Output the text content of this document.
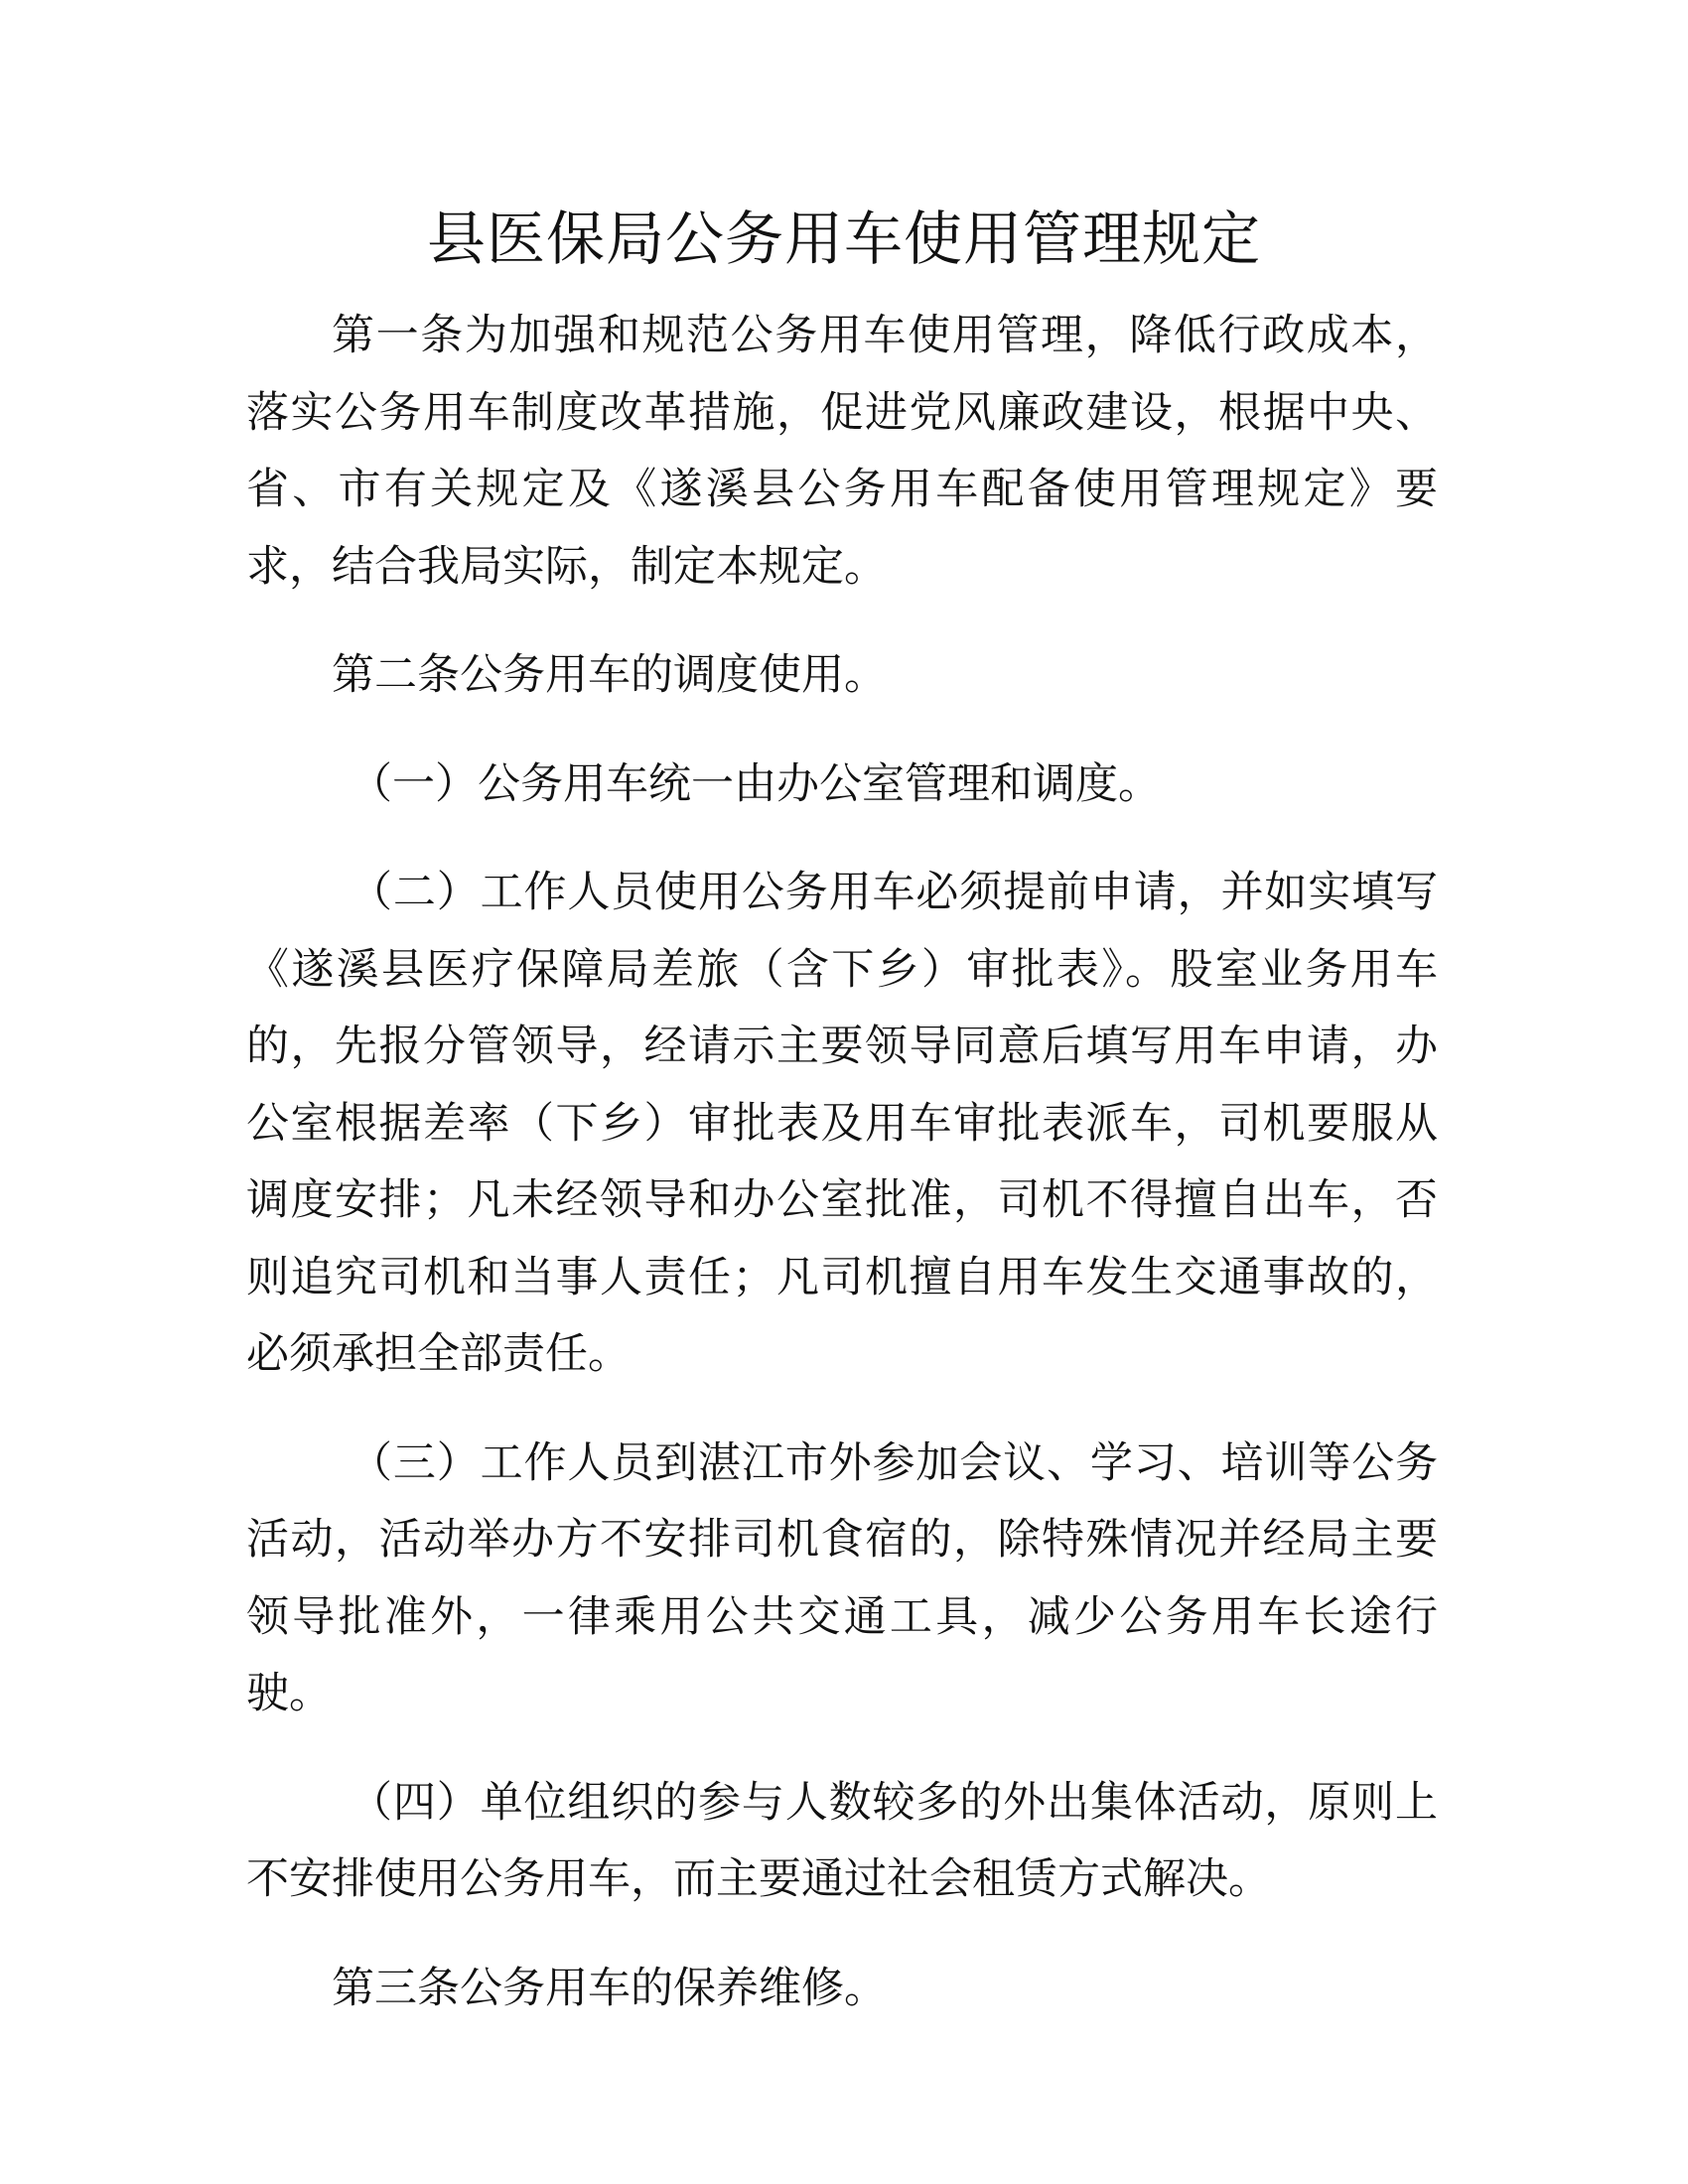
县医保局公务用车使用管理规定

第一条为加强和规范公务用车使用管理，降低行政成本，落实公务用车制度改革措施，促进党风廉政建设，根据中央、省、市有关规定及《遂溪县公务用车配备使用管理规定》要求，结合我局实际，制定本规定。

第二条公务用车的调度使用。

（一）公务用车统一由办公室管理和调度。

（二）工作人员使用公务用车必须提前申请，并如实填写《遂溪县医疗保障局差旅（含下乡）审批表》。股室业务用车的，先报分管领导，经请示主要领导同意后填写用车申请，办公室根据差率（下乡）审批表及用车审批表派车，司机要服从调度安排；凡未经领导和办公室批准，司机不得擅自出车，否则追究司机和当事人责任；凡司机擅自用车发生交通事故的，必须承担全部责任。

（三）工作人员到湛江市外参加会议、学习、培训等公务活动，活动举办方不安排司机食宿的，除特殊情况并经局主要领导批准外，一律乘用公共交通工具，减少公务用车长途行驶。

（四）单位组织的参与人数较多的外出集体活动，原则上不安排使用公务用车，而主要通过社会租赁方式解决。

第三条公务用车的保养维修。
